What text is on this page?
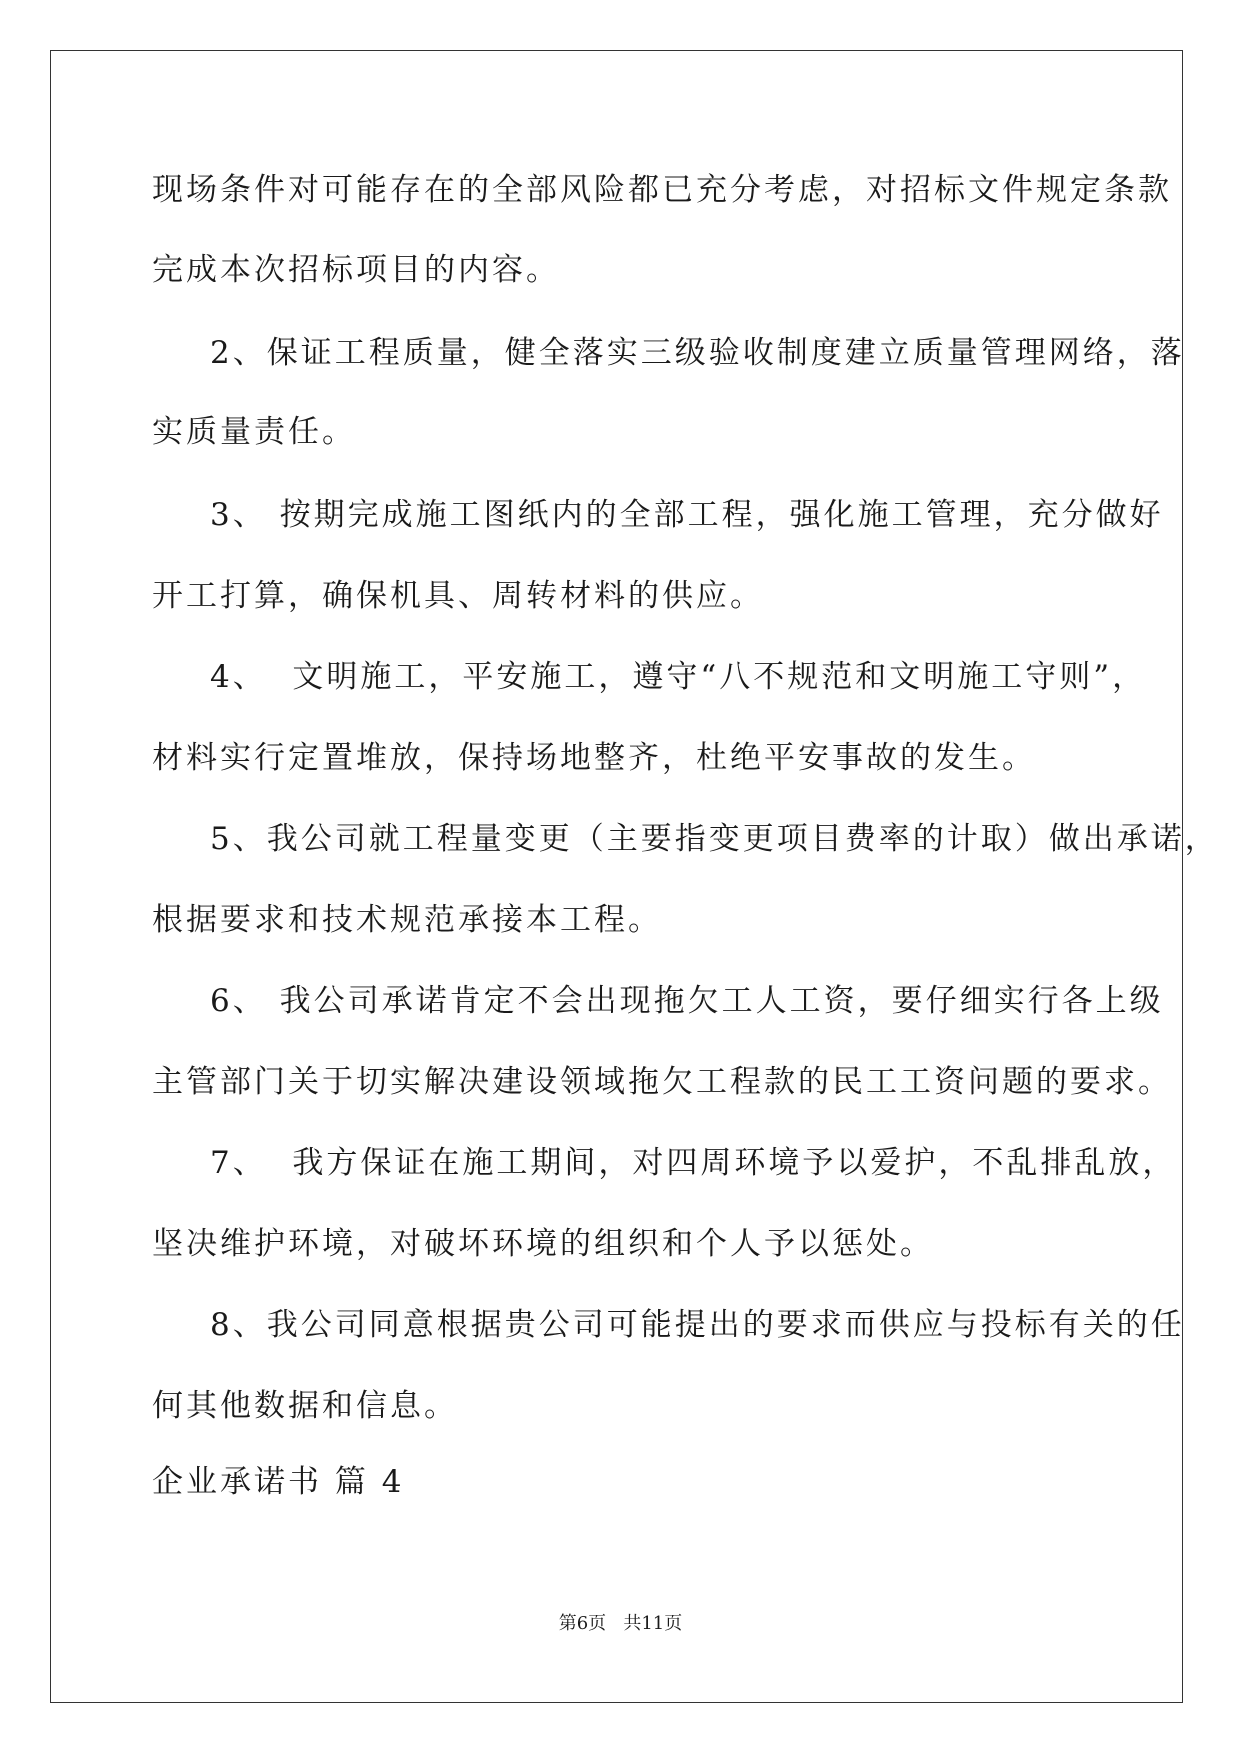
现场条件对可能存在的全部风险都已充分考虑，对招标文件规定条款
完成本次招标项目的内容。
2、保证工程质量，健全落实三级验收制度建立质量管理网络，落
实质量责任。
3、 按期完成施工图纸内的全部工程，强化施工管理，充分做好
开工打算，确保机具、周转材料的供应。
4、  文明施工，平安施工，遵守“八不规范和文明施工守则”，
材料实行定置堆放，保持场地整齐，杜绝平安事故的发生。
5、我公司就工程量变更（主要指变更项目费率的计取）做出承诺，
根据要求和技术规范承接本工程。
6、 我公司承诺肯定不会出现拖欠工人工资，要仔细实行各上级
主管部门关于切实解决建设领域拖欠工程款的民工工资问题的要求。
7、  我方保证在施工期间，对四周环境予以爱护，不乱排乱放，
坚决维护环境，对破坏环境的组织和个人予以惩处。
8、我公司同意根据贵公司可能提出的要求而供应与投标有关的任
何其他数据和信息。
企业承诺书 篇 4
第6页   共11页
